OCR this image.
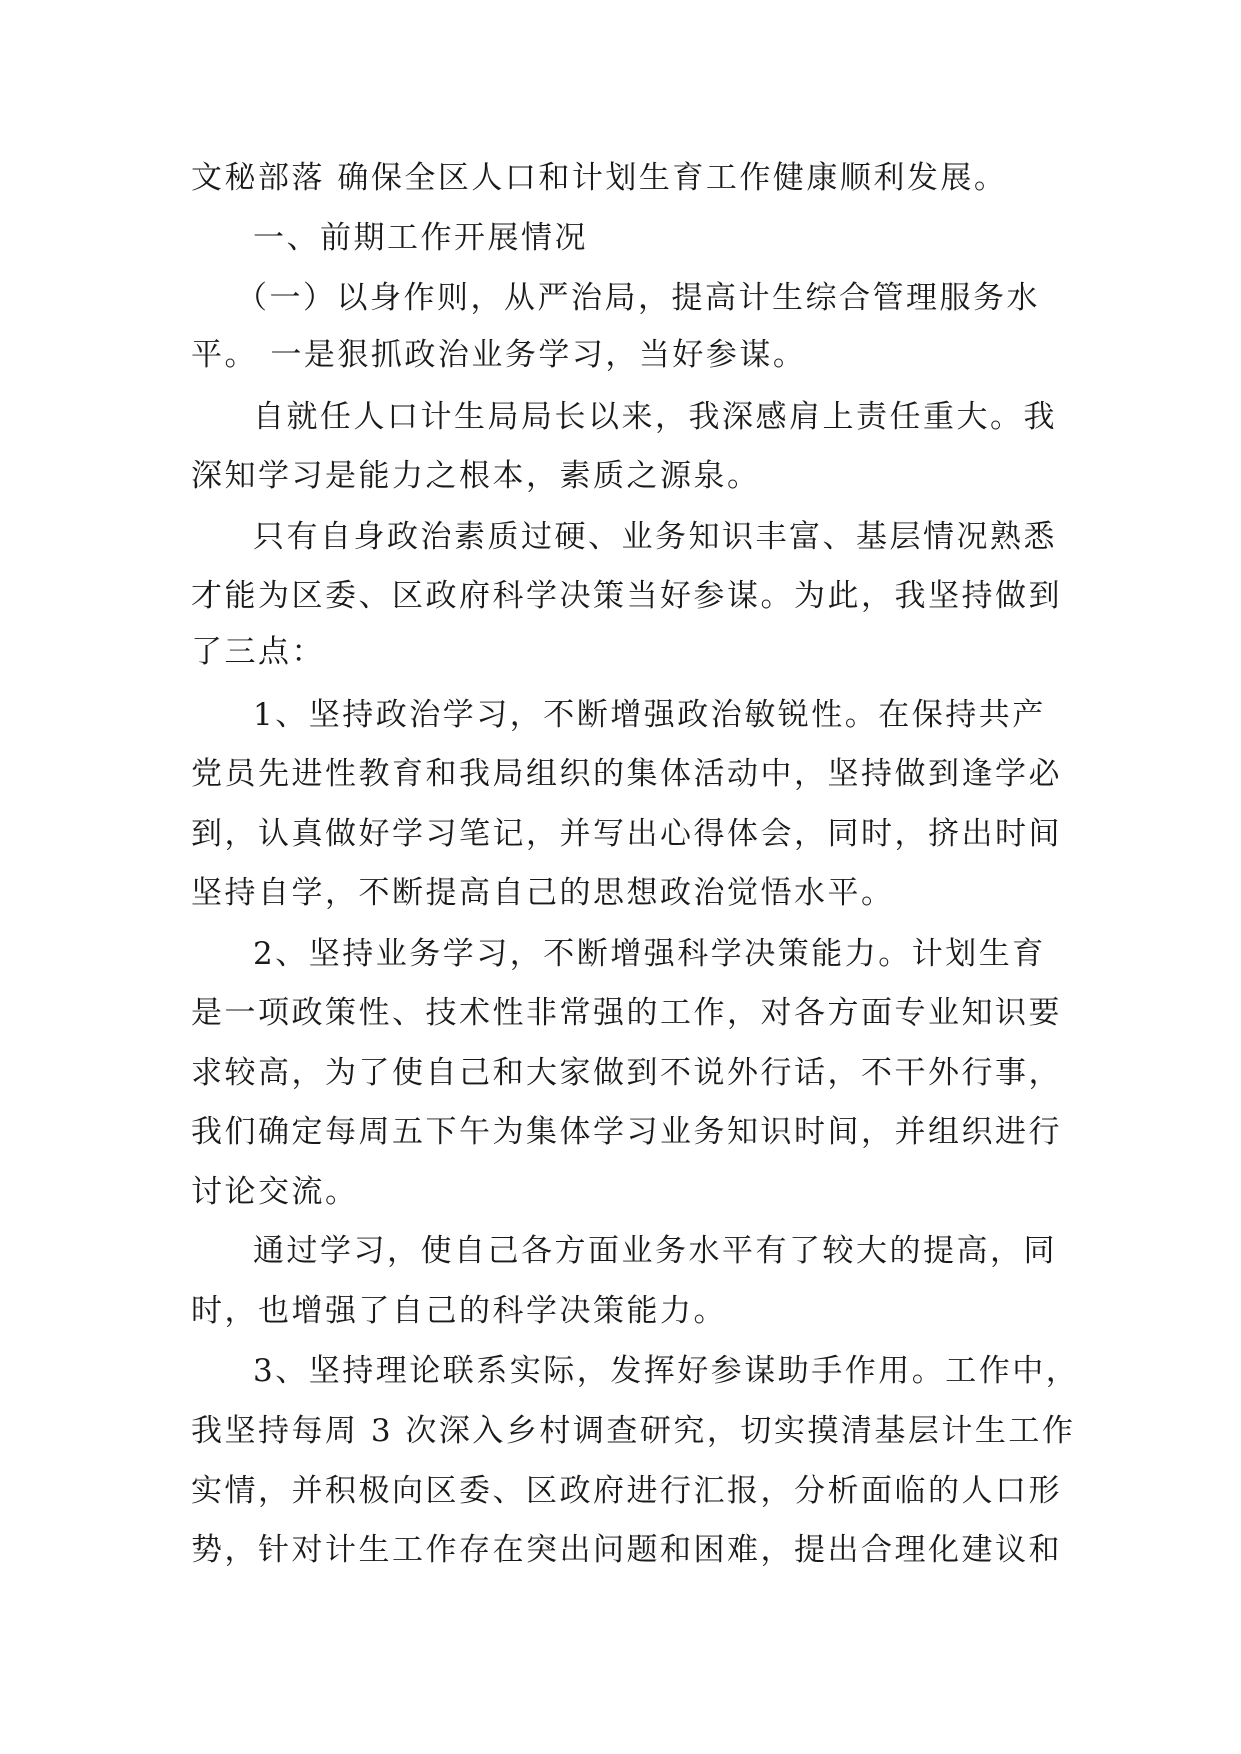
文秘部落 确保全区人口和计划生育工作健康顺利发展。
一、前期工作开展情况
（一）以身作则，从严治局，提高计生综合管理服务水
平。 一是狠抓政治业务学习，当好参谋。
自就任人口计生局局长以来，我深感肩上责任重大。我
深知学习是能力之根本，素质之源泉。
只有自身政治素质过硬、业务知识丰富、基层情况熟悉
才能为区委、区政府科学决策当好参谋。为此，我坚持做到
了三点：
1、坚持政治学习，不断增强政治敏锐性。在保持共产
党员先进性教育和我局组织的集体活动中，坚持做到逢学必
到，认真做好学习笔记，并写出心得体会，同时，挤出时间
坚持自学，不断提高自己的思想政治觉悟水平。
2、坚持业务学习，不断增强科学决策能力。计划生育
是一项政策性、技术性非常强的工作，对各方面专业知识要
求较高，为了使自己和大家做到不说外行话，不干外行事，
我们确定每周五下午为集体学习业务知识时间，并组织进行
讨论交流。
通过学习，使自己各方面业务水平有了较大的提高，同
时，也增强了自己的科学决策能力。
3、坚持理论联系实际，发挥好参谋助手作用。工作中，
我坚持每周 3 次深入乡村调查研究，切实摸清基层计生工作
实情，并积极向区委、区政府进行汇报，分析面临的人口形
势，针对计生工作存在突出问题和困难，提出合理化建议和
